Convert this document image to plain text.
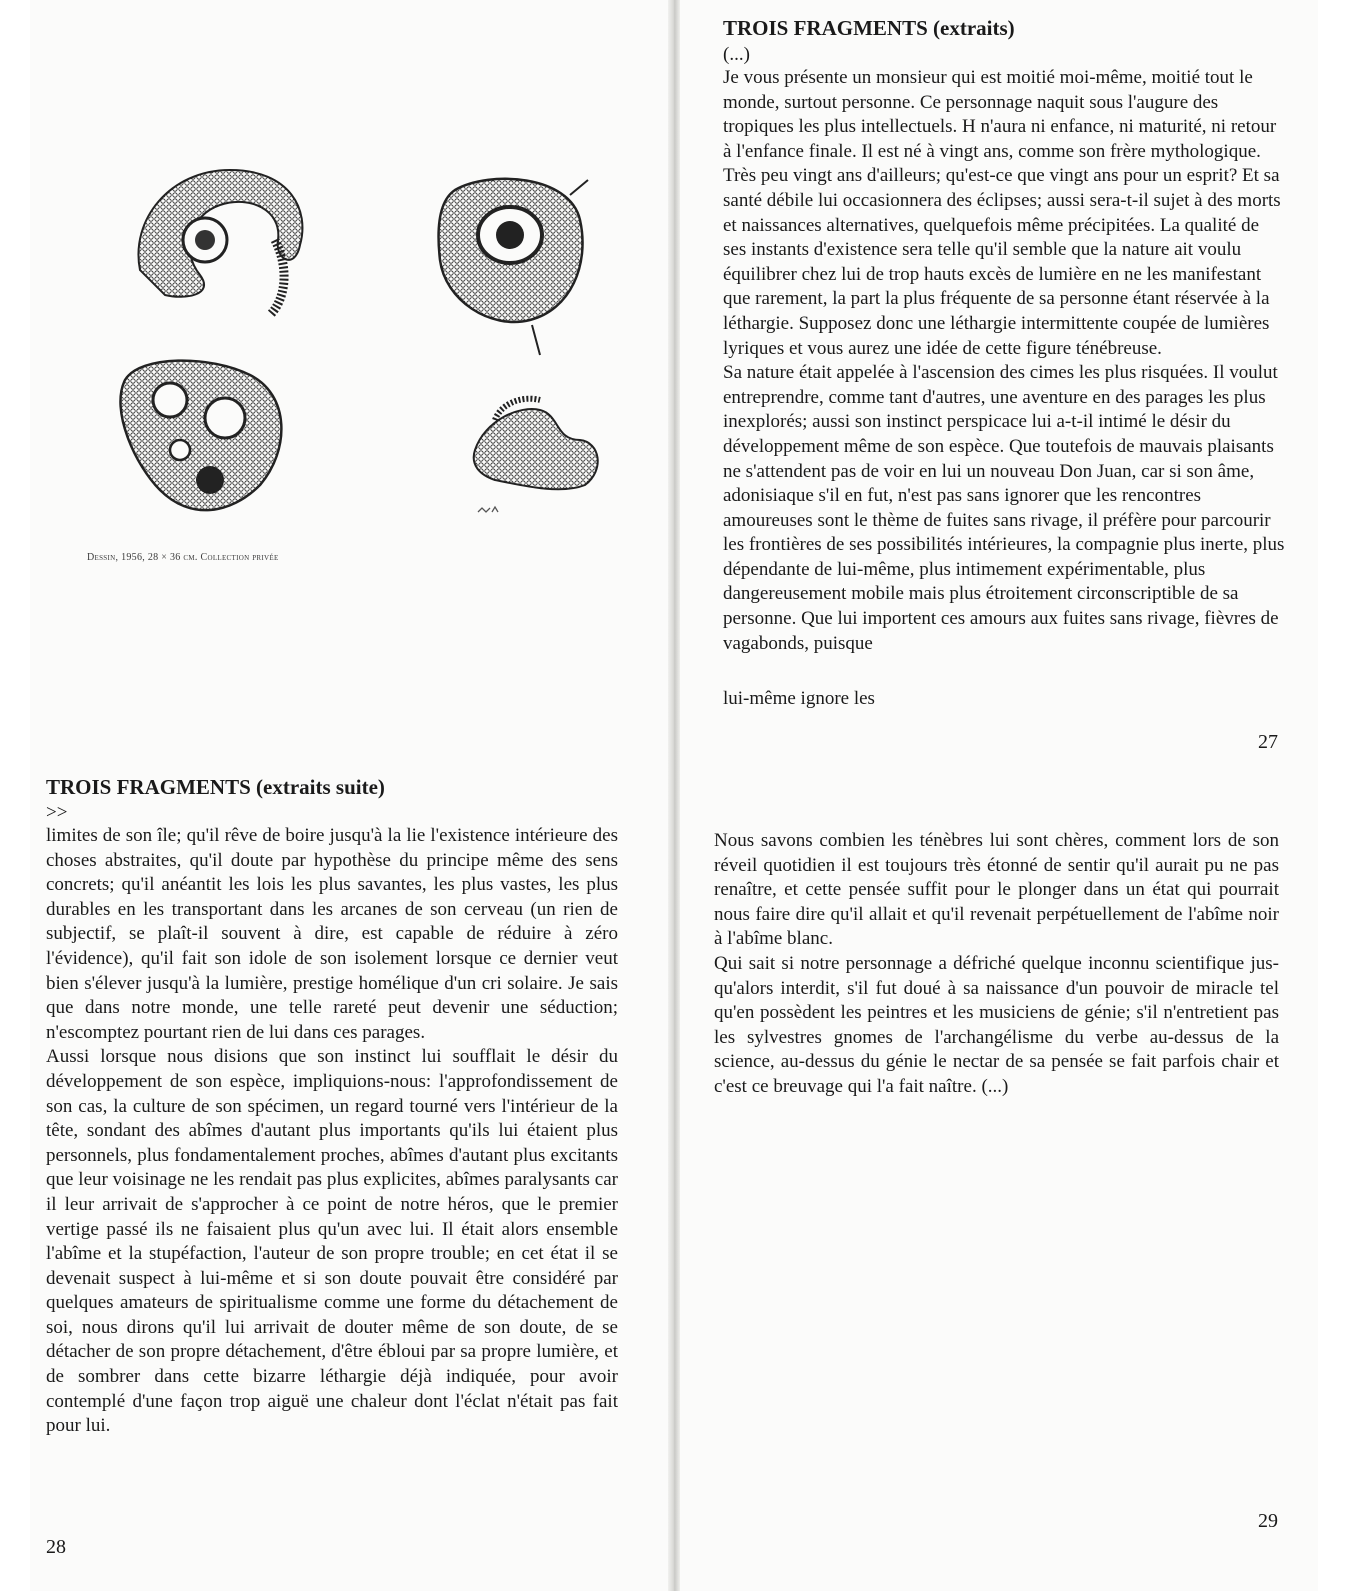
Dessin, 1956, 28 × 36 cm. Collection privée
TROIS FRAGMENTS (extraits)
(...)

Je vous présente un monsieur qui est moitié moi-même, moitié tout le monde, surtout personne. Ce personnage naquit sous l'augure des tropiques les plus intellectuels. H n'aura ni enfance, ni maturité, ni retour à l'enfance finale. Il est né à vingt ans, comme son frère mythologique. Très peu vingt ans d'ailleurs; qu'est-ce que vingt ans pour un esprit? Et sa santé débile lui occasionnera des éclipses; aussi sera-t-il sujet à des morts et naissances alternatives, quelquefois même précipitées. La qualité de ses instants d'existence sera telle qu'il semble que la nature ait voulu équilibrer chez lui de trop hauts excès de lumière en ne les manifestant que rarement, la part la plus fréquente de sa personne étant réservée à la léthargie. Supposez donc une léthargie intermittente coupée de lumières lyriques et vous aurez une idée de cette figure ténébreuse.

Sa nature était appelée à l'ascension des cimes les plus risquées. Il voulut entreprendre, comme tant d'autres, une aventure en des parages les plus inexplorés; aussi son instinct perspicace lui a-t-il intimé le désir du développement même de son espèce. Que toutefois de mauvais plaisants ne s'attendent pas de voir en lui un nouveau Don Juan, car si son âme, adonisiaque s'il en fut, n'est pas sans ignorer que les rencontres amoureuses sont le thème de fuites sans rivage, il préfère pour parcourir les frontières de ses possibilités intérieures, la compagnie plus inerte, plus dépendante de lui-même, plus intimement expérimentable, plus dangereusement mobile mais plus étroitement circonscriptible de sa personne. Que lui importent ces amours aux fuites sans rivage, fièvres de vagabonds, puisque

lui-même ignore les
27
TROIS FRAGMENTS (extraits suite)
>>

limites de son île; qu'il rêve de boire jusqu'à la lie l'existence intérieure des choses abstraites, qu'il doute par hypothèse du principe même des sens concrets; qu'il anéantit les lois les plus savantes, les plus vastes, les plus durables en les transportant dans les arcanes de son cerveau (un rien de subjectif, se plaît-il souvent à dire, est capable de réduire à zéro l'évidence), qu'il fait son idole de son isolement lorsque ce dernier veut bien s'élever jusqu'à la lumière, prestige homélique d'un cri solaire. Je sais que dans notre monde, une telle rareté peut devenir une séduction; n'escomptez pourtant rien de lui dans ces parages.

Aussi lorsque nous disions que son instinct lui soufflait le désir du développement de son espèce, impliquions-nous: l'approfondissement de son cas, la culture de son spécimen, un regard tourné vers l'intérieur de la tête, sondant des abîmes d'autant plus importants qu'ils lui étaient plus personnels, plus fondamentalement proches, abîmes d'autant plus excitants que leur voisinage ne les rendait pas plus explicites, abîmes paralysants car il leur arrivait de s'approcher à ce point de notre héros, que le premier vertige passé ils ne faisaient plus qu'un avec lui. Il était alors ensemble l'abîme et la stupéfaction, l'auteur de son propre trouble; en cet état il se devenait suspect à lui-même et si son doute pouvait être considéré par quelques amateurs de spiritualisme comme une forme du détachement de soi, nous dirons qu'il lui arrivait de douter même de son doute, de se détacher de son propre détachement, d'être ébloui par sa propre lumière, et de sombrer dans cette bizarre léthargie déjà indiquée, pour avoir contemplé d'une façon trop aiguë une chaleur dont l'éclat n'était pas fait pour lui.

28

Nous savons combien les ténèbres lui sont chères, comment lors de son réveil quotidien il est toujours très étonné de sentir qu'il aurait pu ne pas renaître, et cette pensée suffit pour le plonger dans un état qui pourrait nous faire dire qu'il allait et qu'il revenait perpétuellement de l'abîme noir à l'abîme blanc.

Qui sait si notre personnage a défriché quelque inconnu scientifique jus-qu'alors interdit, s'il fut doué à sa naissance d'un pouvoir de miracle tel qu'en possèdent les peintres et les musiciens de génie; s'il n'entretient pas les sylvestres gnomes de l'archangélisme du verbe au-dessus de la science, au-dessus du génie le nectar de sa pensée se fait parfois chair et c'est ce breuvage qui l'a fait naître. (...)

29
